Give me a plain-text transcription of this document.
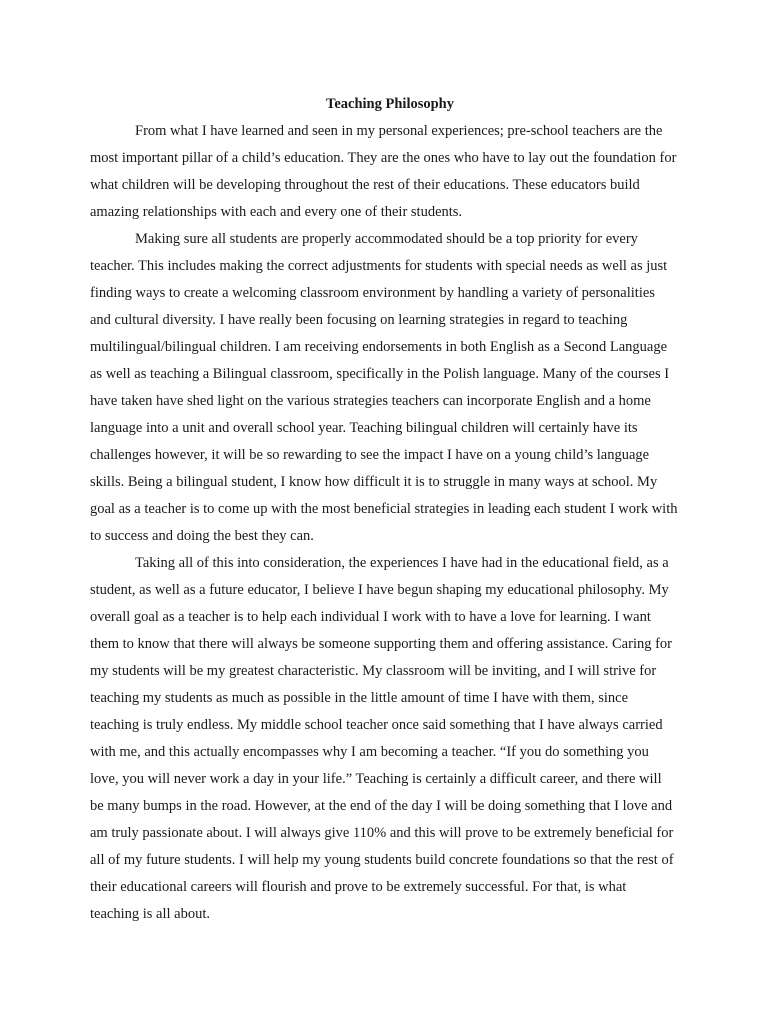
Teaching Philosophy

From what I have learned and seen in my personal experiences; pre-school teachers are the most important pillar of a child’s education. They are the ones who have to lay out the foundation for what children will be developing throughout the rest of their educations. These educators build amazing relationships with each and every one of their students.

Making sure all students are properly accommodated should be a top priority for every teacher. This includes making the correct adjustments for students with special needs as well as just finding ways to create a welcoming classroom environment by handling a variety of personalities and cultural diversity. I have really been focusing on learning strategies in regard to teaching multilingual/bilingual children. I am receiving endorsements in both English as a Second Language as well as teaching a Bilingual classroom, specifically in the Polish language. Many of the courses I have taken have shed light on the various strategies teachers can incorporate English and a home language into a unit and overall school year. Teaching bilingual children will certainly have its challenges however, it will be so rewarding to see the impact I have on a young child’s language skills. Being a bilingual student, I know how difficult it is to struggle in many ways at school. My goal as a teacher is to come up with the most beneficial strategies in leading each student I work with to success and doing the best they can.

Taking all of this into consideration, the experiences I have had in the educational field, as a student, as well as a future educator, I believe I have begun shaping my educational philosophy. My overall goal as a teacher is to help each individual I work with to have a love for learning. I want them to know that there will always be someone supporting them and offering assistance. Caring for my students will be my greatest characteristic. My classroom will be inviting, and I will strive for teaching my students as much as possible in the little amount of time I have with them, since teaching is truly endless. My middle school teacher once said something that I have always carried with me, and this actually encompasses why I am becoming a teacher. “If you do something you love, you will never work a day in your life.” Teaching is certainly a difficult career, and there will be many bumps in the road. However, at the end of the day I will be doing something that I love and am truly passionate about. I will always give 110% and this will prove to be extremely beneficial for all of my future students. I will help my young students build concrete foundations so that the rest of their educational careers will flourish and prove to be extremely successful. For that, is what teaching is all about.
